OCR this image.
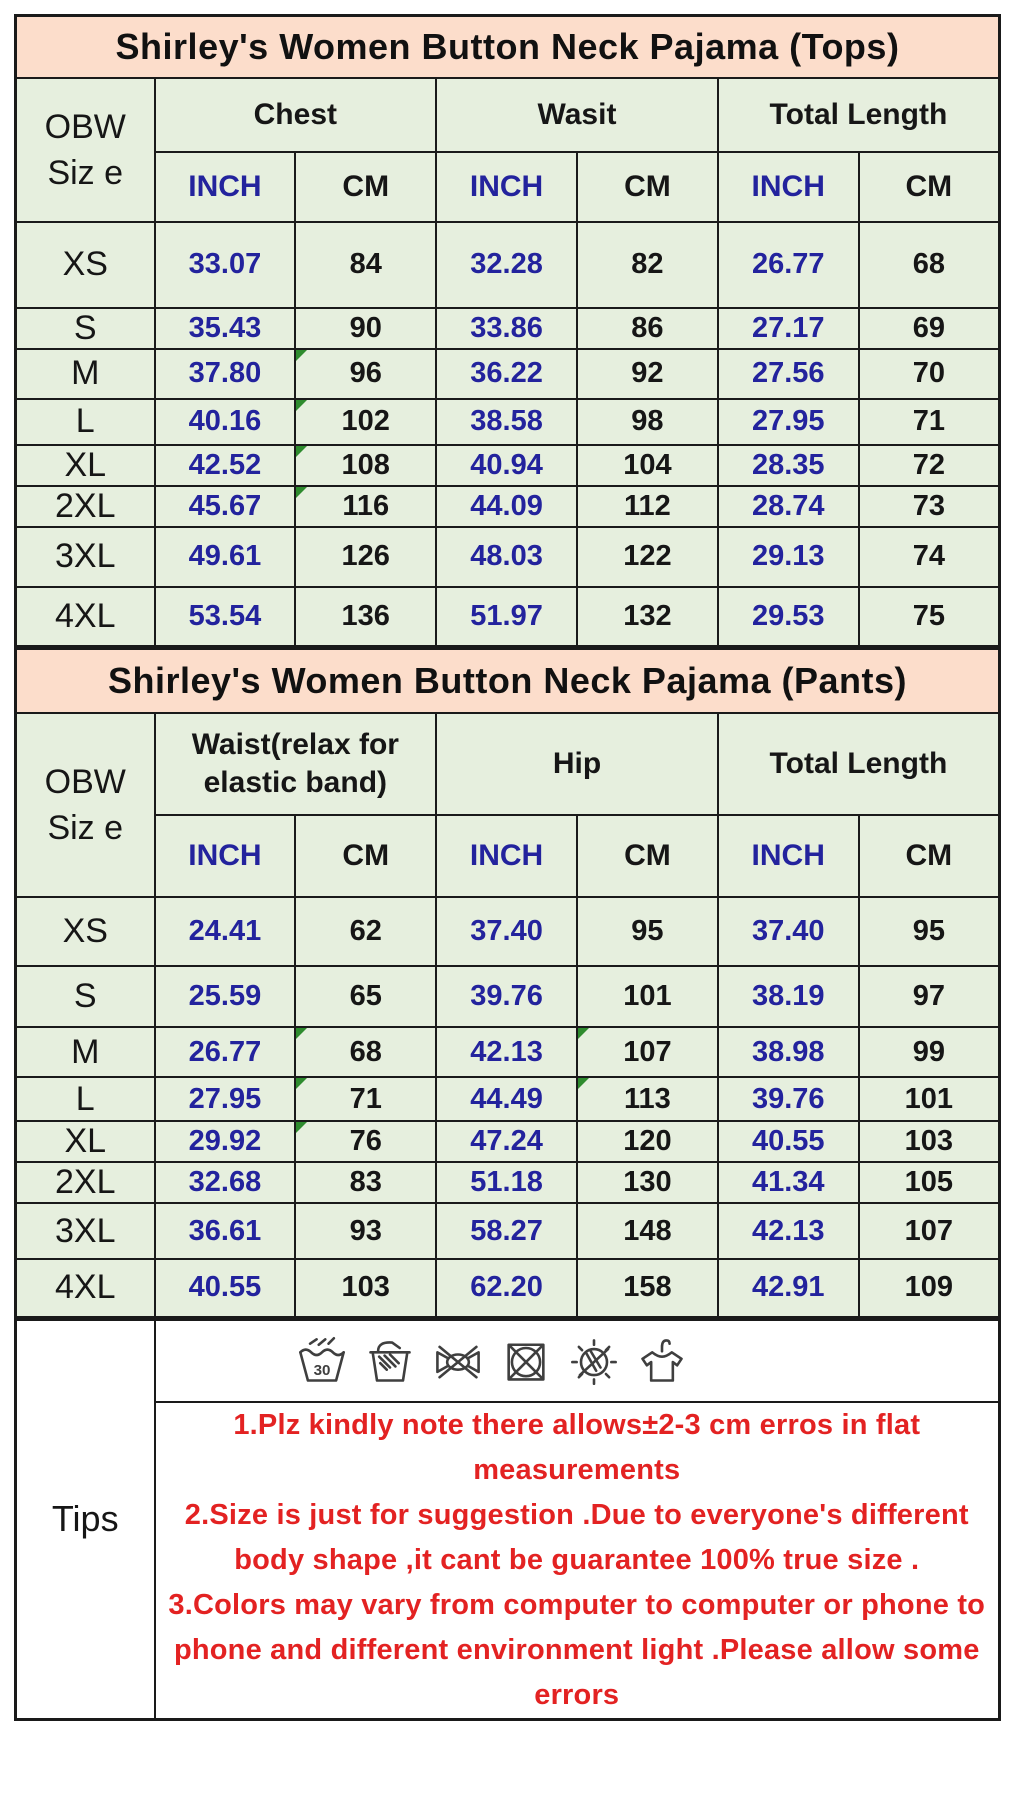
Shirley's Women Button Neck Pajama (Tops)						

OBW
Siz e	Chest		Wasit		Total Length	
	INCH	CM	INCH	CM	INCH	CM
XS	33.07	84	32.28	82	26.77	68
S	35.43	90	33.86	86	27.17	69
M	37.80	96	36.22	92	27.56	70
L	40.16	102	38.58	98	27.95	71
XL	42.52	108	40.94	104	28.35	72
2XL	45.67	116	44.09	112	28.74	73
3XL	49.61	126	48.03	122	29.13	74
4XL	53.54	136	51.97	132	29.53	75
Shirley's Women Button Neck Pajama (Pants)						

OBW
Siz e	Waist(relax for elastic band)		Hip		Total Length	
	INCH	CM	INCH	CM	INCH	CM
XS	24.41	62	37.40	95	37.40	95
S	25.59	65	39.76	101	38.19	97
M	26.77	68	42.13	107	38.98	99
L	27.95	71	44.49	113	39.76	101
XL	29.92	76	47.24	120	40.55	103
2XL	32.68	83	51.18	130	41.34	105
3XL	36.61	93	58.27	148	42.13	107
4XL	40.55	103	62.20	158	42.91	109
Tips	
30

1.Plz kindly note there allows±2-3 cm erros in flat measurements
2.Size is just for suggestion .Due to everyone's different body shape ,it cant be guarantee 100% true size .
3.Colors may vary from computer to computer or phone to phone and different environment light .Please allow some errors
